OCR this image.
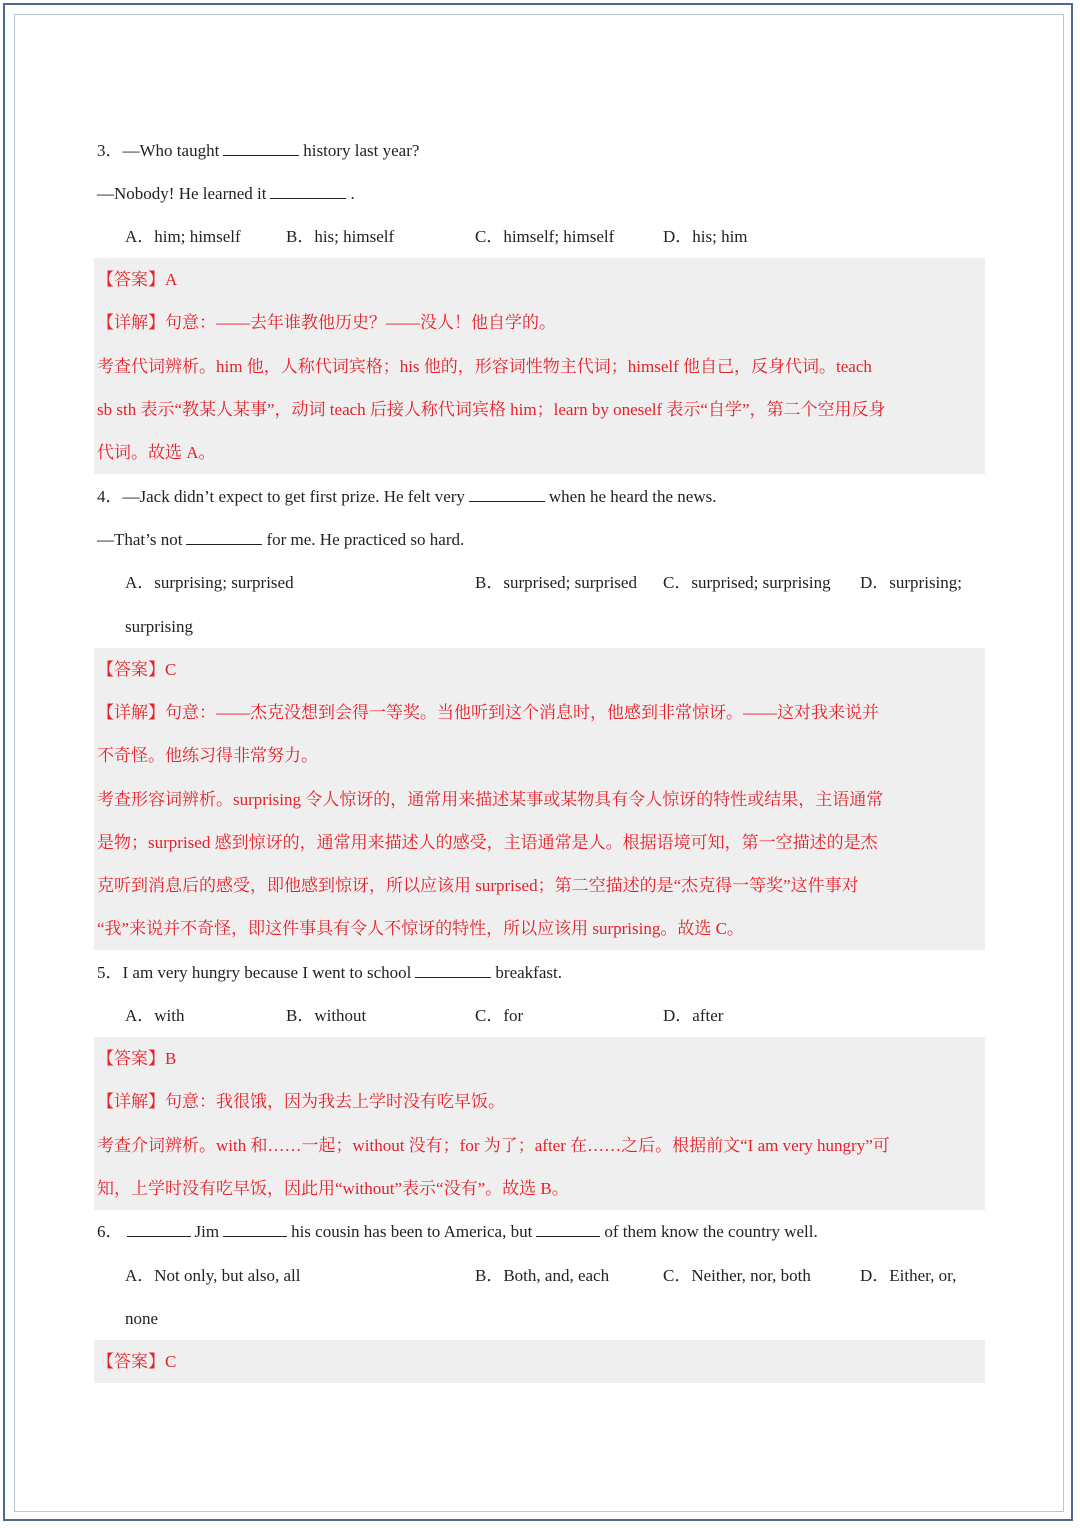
3．—Who taught	history last year?
—Nobody! He learned it	.
A．him; himself	B．his; himself	C．himself; himself	D．his; him
【答案】A
【详解】句意：——去年谁教他历史？——没人！他自学的。
考查代词辨析。him 他，人称代词宾格；his 他的，形容词性物主代词；himself 他自己，反身代词。teach
sb sth 表示“教某人某事”，动词 teach 后接人称代词宾格 him；learn by oneself 表示“自学”，第二个空用反身
代词。故选 A。
4．—Jack didn’t expect to get first prize. He felt very	when he heard the news.
—That’s not	for me. He practiced so hard.
A．surprising; surprised	B．surprised; surprised C．surprised; surprising D．surprising;
surprising
【答案】C
【详解】句意：——杰克没想到会得一等奖。当他听到这个消息时，他感到非常惊讶。——这对我来说并
不奇怪。他练习得非常努力。
考查形容词辨析。surprising 令人惊讶的，通常用来描述某事或某物具有令人惊讶的特性或结果，主语通常
是物；surprised 感到惊讶的，通常用来描述人的感受，主语通常是人。根据语境可知，第一空描述的是杰
克听到消息后的感受，即他感到惊讶，所以应该用 surprised；第二空描述的是“杰克得一等奖”这件事对
“我”来说并不奇怪，即这件事具有令人不惊讶的特性，所以应该用 surprising。故选 C。
5．I am very hungry because I went to school	breakfast.
A．with	B．without	C．for	D．after
【答案】B
【详解】句意：我很饿，因为我去上学时没有吃早饭。
考查介词辨析。with 和……一起；without 没有；for 为了；after 在……之后。根据前文“I am very hungry”可
知，上学时没有吃早饭，因此用“without”表示“没有”。故选 B。
6．	Jim	his cousin has been to America, but	of them know the country well.
A．Not only, but also, all	B．Both, and, each	C．Neither, nor, both	D．Either, or,
none
【答案】C
